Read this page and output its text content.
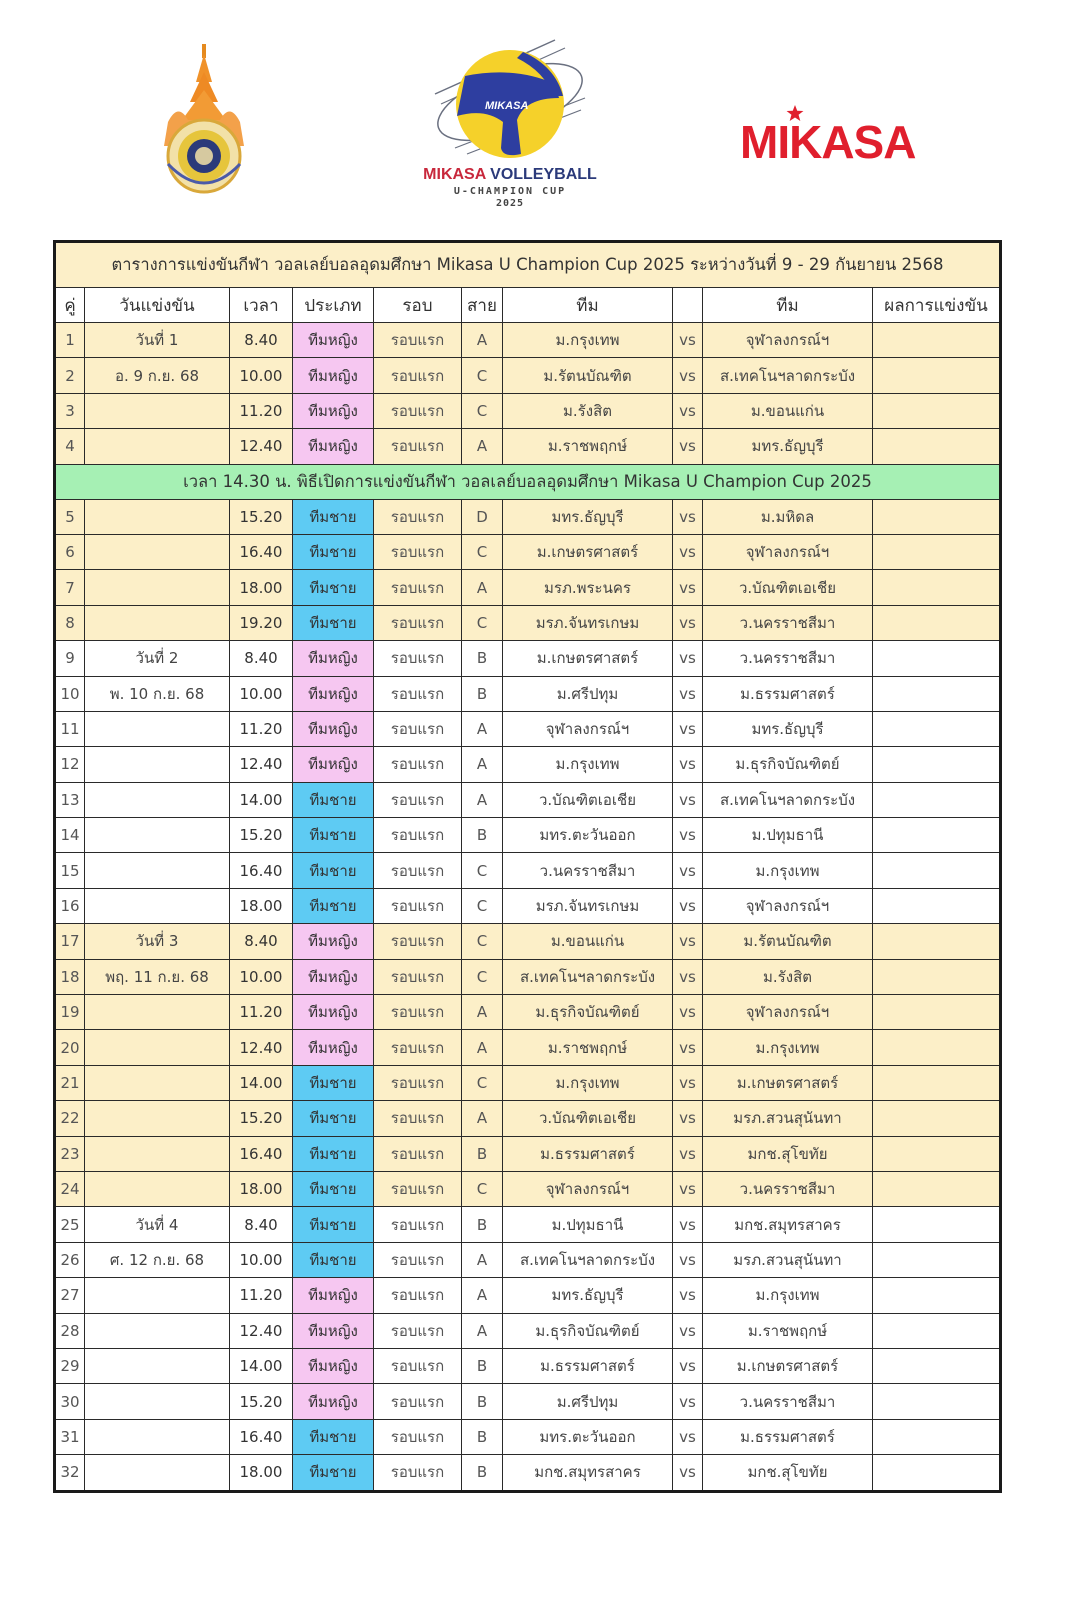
MIKASA
MIKASA VOLLEYBALL
U-CHAMPION CUP
2025
MIKASA
ตารางการแข่งขันกีฬา วอลเลย์บอลอุดมศึกษา Mikasa U Champion Cup 2025 ระหว่างวันที่ 9 - 29 กันยายน 2568									
คู่	วันแข่งขัน	เวลา	ประเภท	รอบ	สาย	ทีม		ทีม	ผลการแข่งขัน
1	วันที่ 1	8.40	ทีมหญิง	รอบแรก	A	ม.กรุงเทพ	vs	จุฬาลงกรณ์ฯ	
2	อ. 9 ก.ย. 68	10.00	ทีมหญิง	รอบแรก	C	ม.รัตนบัณฑิต	vs	ส.เทคโนฯลาดกระบัง	
3		11.20	ทีมหญิง	รอบแรก	C	ม.รังสิต	vs	ม.ขอนแก่น	
4		12.40	ทีมหญิง	รอบแรก	A	ม.ราชพฤกษ์	vs	มทร.ธัญบุรี	
เวลา 14.30 น. พิธีเปิดการแข่งขันกีฬา วอลเลย์บอลอุดมศึกษา Mikasa U Champion Cup 2025									
5		15.20	ทีมชาย	รอบแรก	D	มทร.ธัญบุรี	vs	ม.มหิดล	
6		16.40	ทีมชาย	รอบแรก	C	ม.เกษตรศาสตร์	vs	จุฬาลงกรณ์ฯ	
7		18.00	ทีมชาย	รอบแรก	A	มรภ.พระนคร	vs	ว.บัณฑิตเอเชีย	
8		19.20	ทีมชาย	รอบแรก	C	มรภ.จันทรเกษม	vs	ว.นครราชสีมา	
9	วันที่ 2	8.40	ทีมหญิง	รอบแรก	B	ม.เกษตรศาสตร์	vs	ว.นครราชสีมา	
10	พ. 10 ก.ย. 68	10.00	ทีมหญิง	รอบแรก	B	ม.ศรีปทุม	vs	ม.ธรรมศาสตร์	
11		11.20	ทีมหญิง	รอบแรก	A	จุฬาลงกรณ์ฯ	vs	มทร.ธัญบุรี	
12		12.40	ทีมหญิง	รอบแรก	A	ม.กรุงเทพ	vs	ม.ธุรกิจบัณฑิตย์	
13		14.00	ทีมชาย	รอบแรก	A	ว.บัณฑิตเอเชีย	vs	ส.เทคโนฯลาดกระบัง	
14		15.20	ทีมชาย	รอบแรก	B	มทร.ตะวันออก	vs	ม.ปทุมธานี	
15		16.40	ทีมชาย	รอบแรก	C	ว.นครราชสีมา	vs	ม.กรุงเทพ	
16		18.00	ทีมชาย	รอบแรก	C	มรภ.จันทรเกษม	vs	จุฬาลงกรณ์ฯ	
17	วันที่ 3	8.40	ทีมหญิง	รอบแรก	C	ม.ขอนแก่น	vs	ม.รัตนบัณฑิต	
18	พฤ. 11 ก.ย. 68	10.00	ทีมหญิง	รอบแรก	C	ส.เทคโนฯลาดกระบัง	vs	ม.รังสิต	
19		11.20	ทีมหญิง	รอบแรก	A	ม.ธุรกิจบัณฑิตย์	vs	จุฬาลงกรณ์ฯ	
20		12.40	ทีมหญิง	รอบแรก	A	ม.ราชพฤกษ์	vs	ม.กรุงเทพ	
21		14.00	ทีมชาย	รอบแรก	C	ม.กรุงเทพ	vs	ม.เกษตรศาสตร์	
22		15.20	ทีมชาย	รอบแรก	A	ว.บัณฑิตเอเชีย	vs	มรภ.สวนสุนันทา	
23		16.40	ทีมชาย	รอบแรก	B	ม.ธรรมศาสตร์	vs	มกช.สุโขทัย	
24		18.00	ทีมชาย	รอบแรก	C	จุฬาลงกรณ์ฯ	vs	ว.นครราชสีมา	
25	วันที่ 4	8.40	ทีมชาย	รอบแรก	B	ม.ปทุมธานี	vs	มกช.สมุทรสาคร	
26	ศ. 12 ก.ย. 68	10.00	ทีมชาย	รอบแรก	A	ส.เทคโนฯลาดกระบัง	vs	มรภ.สวนสุนันทา	
27		11.20	ทีมหญิง	รอบแรก	A	มทร.ธัญบุรี	vs	ม.กรุงเทพ	
28		12.40	ทีมหญิง	รอบแรก	A	ม.ธุรกิจบัณฑิตย์	vs	ม.ราชพฤกษ์	
29		14.00	ทีมหญิง	รอบแรก	B	ม.ธรรมศาสตร์	vs	ม.เกษตรศาสตร์	
30		15.20	ทีมหญิง	รอบแรก	B	ม.ศรีปทุม	vs	ว.นครราชสีมา	
31		16.40	ทีมชาย	รอบแรก	B	มทร.ตะวันออก	vs	ม.ธรรมศาสตร์	
32		18.00	ทีมชาย	รอบแรก	B	มกช.สมุทรสาคร	vs	มกช.สุโขทัย	
